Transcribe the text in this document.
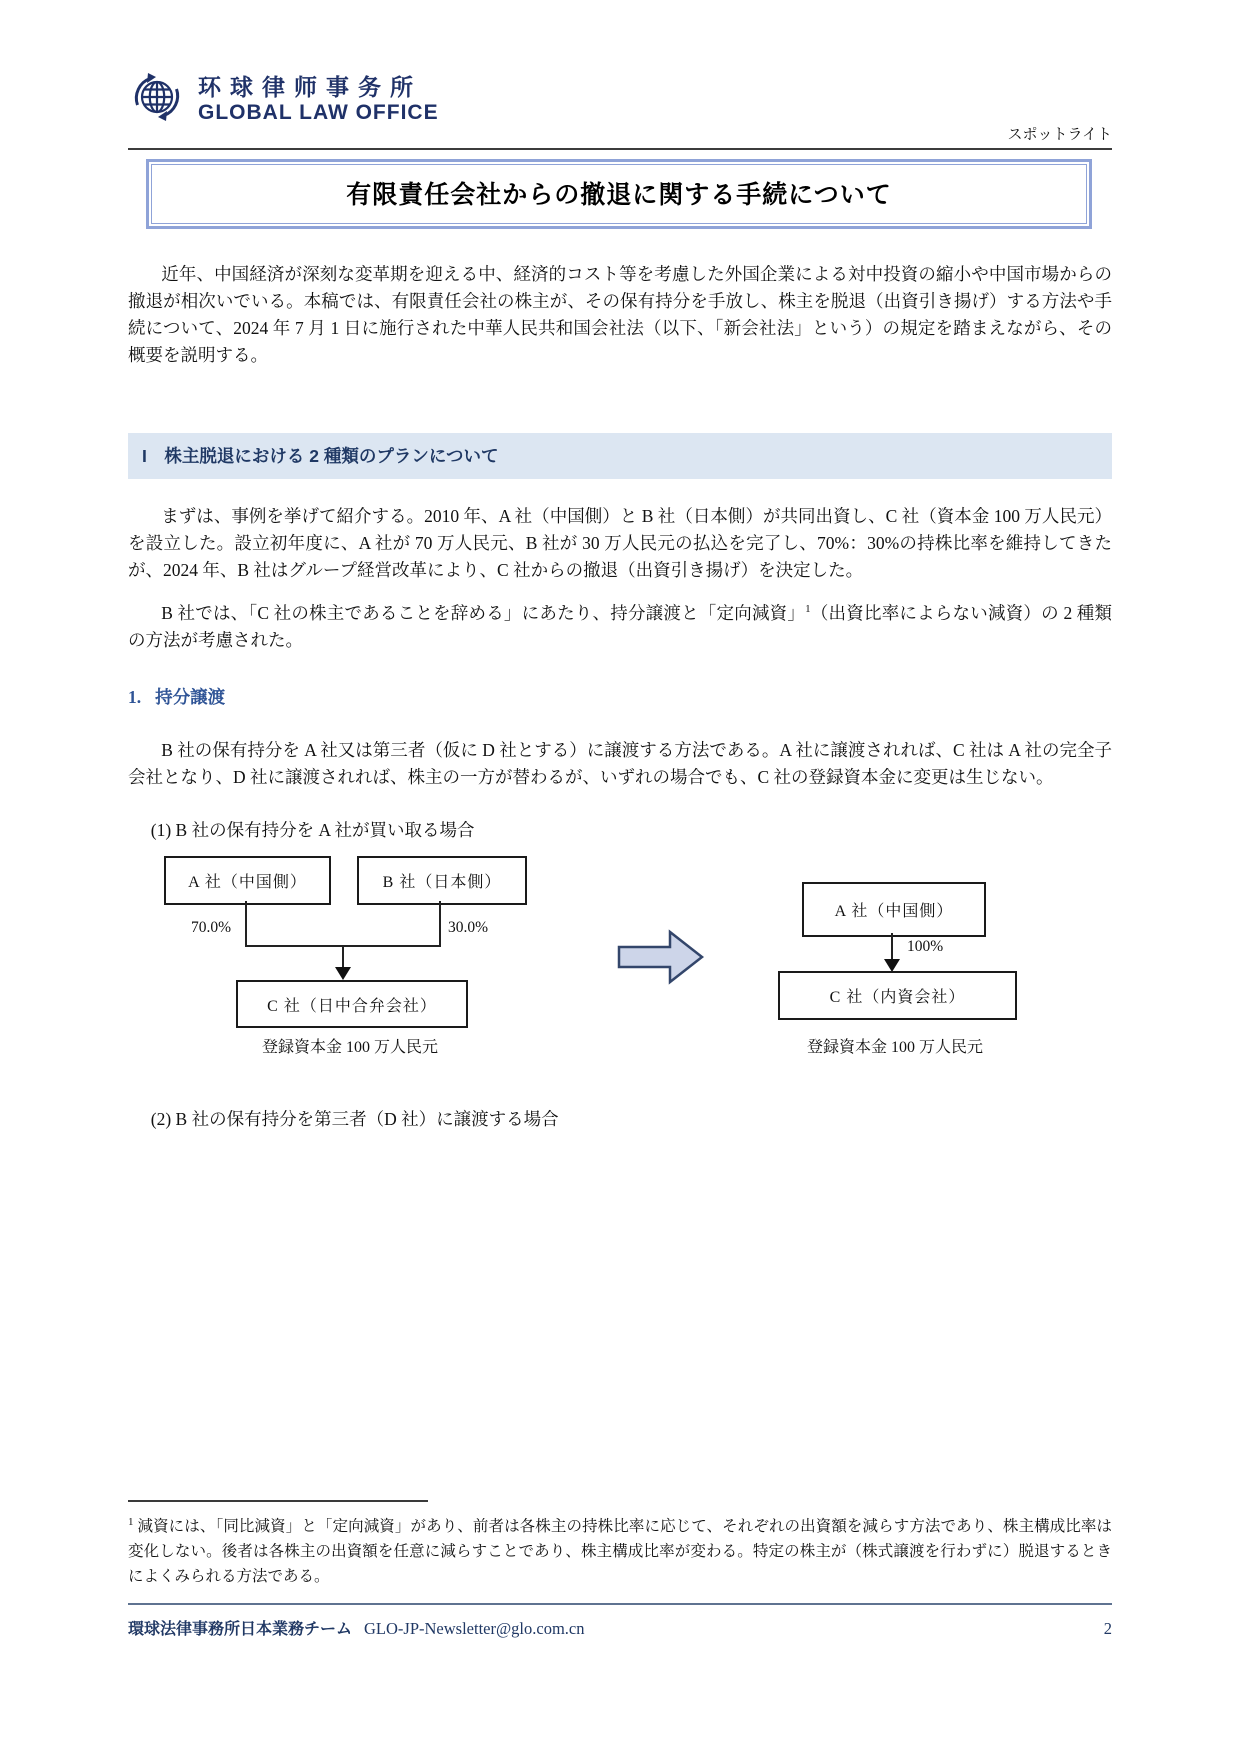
环球律师事务所
GLOBAL LAW OFFICE
スポットライト
有限責任会社からの撤退に関する手続について

近年、中国経済が深刻な変革期を迎える中、経済的コスト等を考慮した外国企業による対中投資の縮小や中国市場からの撤退が相次いでいる。本稿では、有限責任会社の株主が、その保有持分を手放し、株主を脱退（出資引き揚げ）する方法や手続について、2024 年 7 月 1 日に施行された中華人民共和国会社法（以下、「新会社法」という）の規定を踏まえながら、その概要を説明する。

I　株主脱退における 2 種類のプランについて

まずは、事例を挙げて紹介する。2010 年、A 社（中国側）と B 社（日本側）が共同出資し、C 社（資本金 100 万人民元）を設立した。設立初年度に、A 社が 70 万人民元、B 社が 30 万人民元の払込を完了し、70%：30%の持株比率を維持してきたが、2024 年、B 社はグループ経営改革により、C 社からの撤退（出資引き揚げ）を決定した。

B 社では、「C 社の株主であることを辞める」にあたり、持分譲渡と「定向減資」$^1$（出資比率によらない減資）の 2 種類の方法が考慮された。

1. 持分譲渡

B 社の保有持分を A 社又は第三者（仮に D 社とする）に譲渡する方法である。A 社に譲渡されれば、C 社は A 社の完全子会社となり、D 社に譲渡されれば、株主の一方が替わるが、いずれの場合でも、C 社の登録資本金に変更は生じない。

(1) B 社の保有持分を A 社が買い取る場合
A 社（中国側）	B 社（日本側）
70.0%	30.0%
C 社（日中合弁会社）
登録資本金 100 万人民元
A 社（中国側）
100%
C 社（内資会社）
登録資本金 100 万人民元
(2) B 社の保有持分を第三者（D 社）に譲渡する場合

$^1$ 減資には、「同比減資」と「定向減資」があり、前者は各株主の持株比率に応じて、それぞれの出資額を減らす方法であり、株主構成比率は変化しない。後者は各株主の出資額を任意に減らすことであり、株主構成比率が変わる。特定の株主が（株式譲渡を行わずに）脱退するときによくみられる方法である。

環球法律事務所日本業務チーム GLO-JP-Newsletter@glo.com.cn	2
